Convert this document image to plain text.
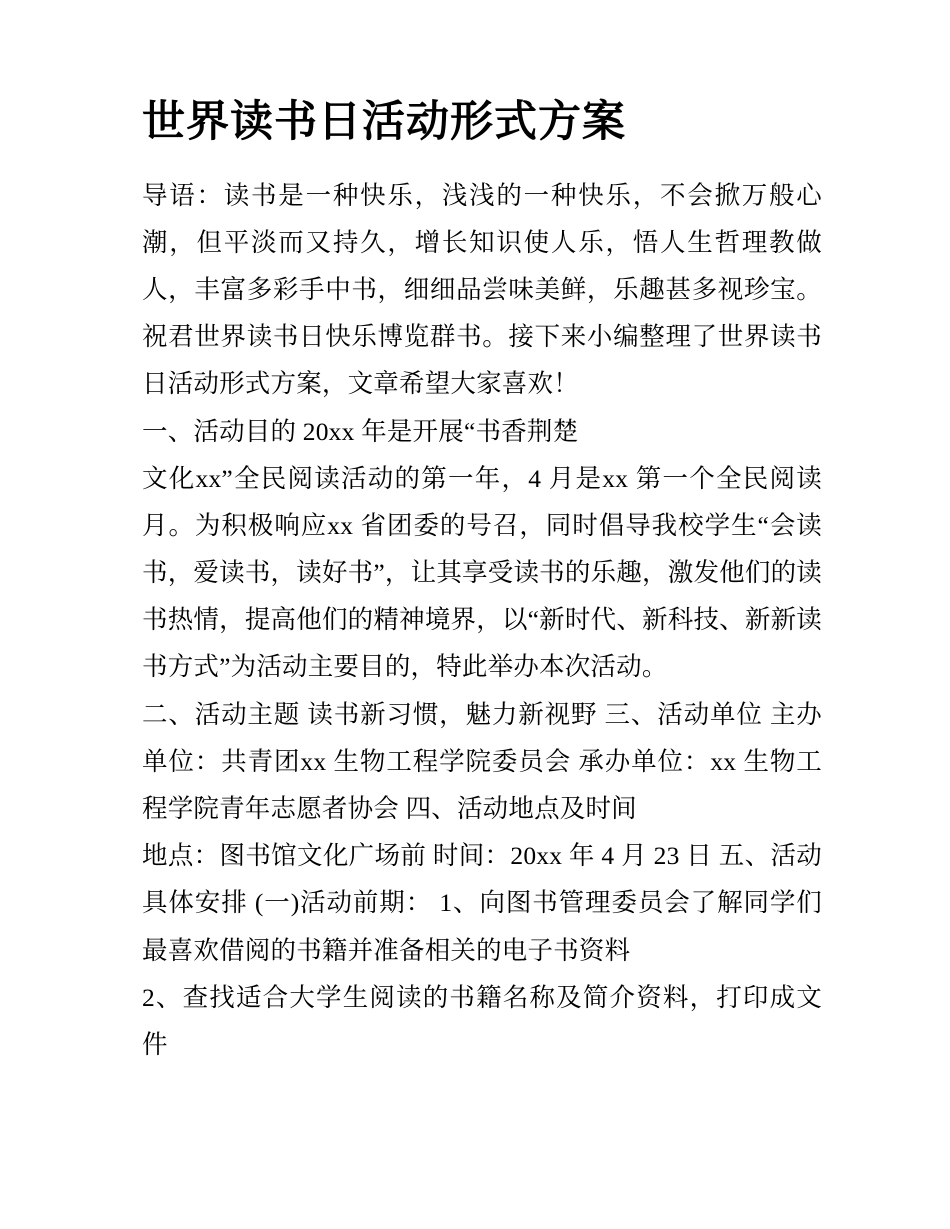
世界读书日活动形式方案

导语：读书是一种快乐，浅浅的一种快乐，不会掀万般心潮，但平淡而又持久，增长知识使人乐，悟人生哲理教做人，丰富多彩手中书，细细品尝味美鲜，乐趣甚多视珍宝。祝君世界读书日快乐博览群书。接下来小编整理了世界读书日活动形式方案，文章希望大家喜欢！

一、活动目的 20xx 年是开展“书香荆楚

文化xx”全民阅读活动的第一年，4 月是xx 第一个全民阅读月。为积极响应xx 省团委的号召，同时倡导我校学生“会读书，爱读书，读好书”，让其享受读书的乐趣，激发他们的读书热情，提高他们的精神境界，以“新时代、新科技、新新读书方式”为活动主要目的，特此举办本次活动。

二、活动主题 读书新习惯，魅力新视野 三、活动单位 主办单位：共青团xx 生物工程学院委员会 承办单位：xx 生物工程学院青年志愿者协会 四、活动地点及时间

地点：图书馆文化广场前 时间：20xx 年 4 月 23 日 五、活动具体安排 (一)活动前期： 1、向图书管理委员会了解同学们最喜欢借阅的书籍并准备相关的电子书资料

2、查找适合大学生阅读的书籍名称及简介资料，打印成文件
